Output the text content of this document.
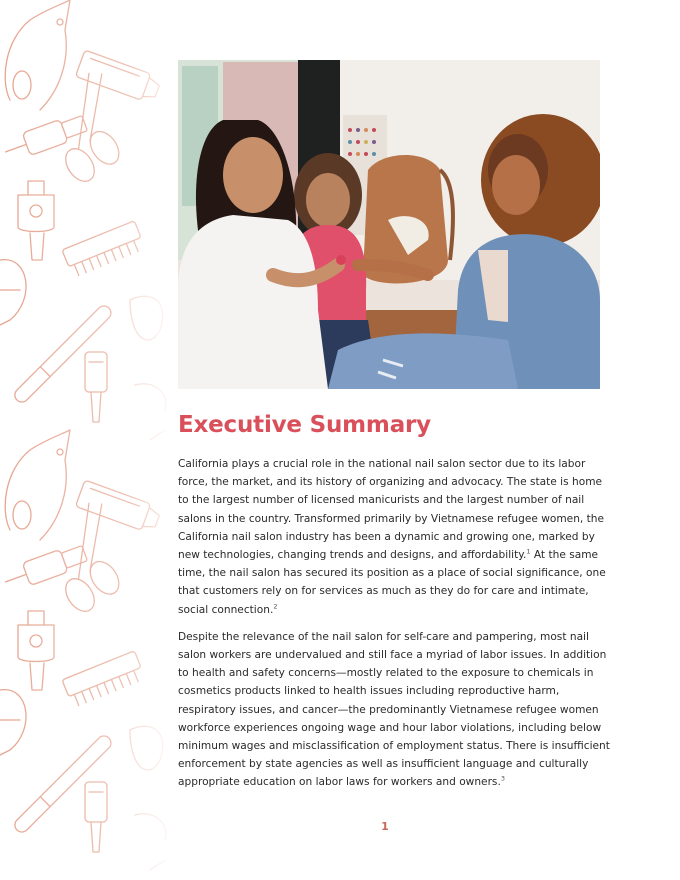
Executive Summary

California plays a crucial role in the national nail salon sector due to its labor force, the market, and its history of organizing and advocacy. The state is home to the largest number of licensed manicurists and the largest number of nail salons in the country. Transformed primarily by Vietnamese refugee women, the California nail salon industry has been a dynamic and growing one, marked by new technologies, changing trends and designs, and affordability.$^1$ At the same time, the nail salon has secured its position as a place of social significance, one that customers rely on for services as much as they do for care and intimate, social connection.$^2$

Despite the relevance of the nail salon for self-care and pampering, most nail salon workers are undervalued and still face a myriad of labor issues. In addition to health and safety concerns—mostly related to the exposure to chemicals in cosmetics products linked to health issues including reproductive harm, respiratory issues, and cancer—the predominantly Vietnamese refugee women workforce experiences ongoing wage and hour labor violations, including below minimum wages and misclassification of employment status. There is insufficient enforcement by state agencies as well as insufficient language and culturally appropriate education on labor laws for workers and owners.$^3$

1
